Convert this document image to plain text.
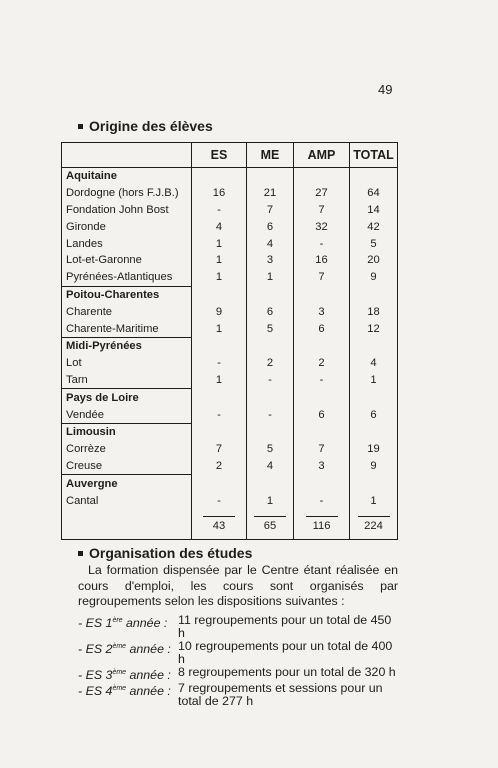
49
Origine des élèves
	ES	ME	AMP	TOTAL
Aquitaine				
Dordogne (hors F.J.B.)	16	21	27	64
Fondation John Bost	-	7	7	14
Gironde	4	6	32	42
Landes	1	4	-	5
Lot-et-Garonne	1	3	16	20
Pyrénées-Atlantiques	1	1	7	9
Poitou-Charentes				
Charente	9	6	3	18
Charente-Maritime	1	5	6	12
Midi-Pyrénées				
Lot	-	2	2	4
Tarn	1	-	-	1
Pays de Loire				
Vendée	-	-	6	6
Limousin				
Corrèze	7	5	7	19
Creuse	2	4	3	9
Auvergne				
Cantal	-	1	-	1

43	65	116	224
Organisation des études
La formation dispensée par le Centre étant réalisée en cours d'emploi, les cours sont organisés par regroupements selon les dispositions suivantes :
- ES 1ère année : 11 regroupements pour un total de 450 h
- ES 2ème année : 10 regroupements pour un total de 400 h
- ES 3ème année : 8 regroupements pour un total de 320 h
- ES 4ème année : 7 regroupements et sessions pour un total de 277 h
